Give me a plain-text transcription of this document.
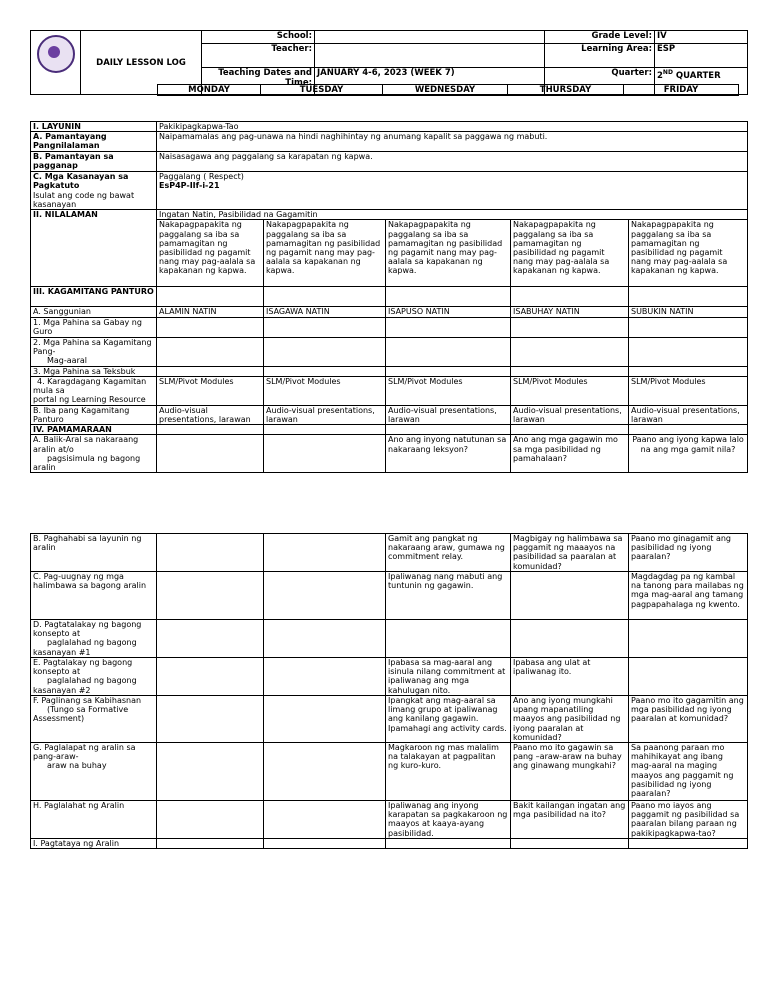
	DAILY LESSON LOG	School:		Grade Level:	IV
		Teacher:		Learning Area:	ESP
		Teaching Dates and Time:	JANUARY 4-6, 2023 (WEEK 7)	Quarter:	2ND QUARTER
MONDAY	TUESDAY	WEDNESDAY	THURSDAY	FRIDAY
I. LAYUNIN	Pakikipagkapwa-Tao				
A. Pamantayang Pangnilalaman	Naipamamalas ang pag-unawa na hindi naghihintay ng anumang kapalit sa paggawa ng mabuti.				
B. Pamantayan sa pagganap	Naisasagawa ang paggalang sa karapatan ng kapwa.				
C. Mga Kasanayan sa Pagkatuto
Isulat ang code ng bawat kasanayan	Paggalang ( Respect)
EsP4P-IIf-i-21				
II. NILALAMAN	Ingatan Natin, Pasibilidad na Gagamitin				
	Nakapagpapakita ng paggalang sa iba sa pamamagitan ng pasibilidad ng pagamit nang may pag-aalala sa kapakanan ng kapwa.	Nakapagpapakita ng paggalang sa iba sa pamamagitan ng pasibilidad ng pagamit nang may pag-aalala sa kapakanan ng kapwa.	Nakapagpapakita ng paggalang sa iba sa pamamagitan ng pasibilidad ng pagamit nang may pag-aalala sa kapakanan ng kapwa.	Nakapagpapakita ng paggalang sa iba sa pamamagitan ng pasibilidad ng pagamit nang may pag-aalala sa kapakanan ng kapwa.	Nakapagpapakita ng paggalang sa iba sa pamamagitan ng pasibilidad ng pagamit nang may pag-aalala sa kapakanan ng kapwa.
III. KAGAMITANG PANTURO					
A. Sanggunian	ALAMIN NATIN	ISAGAWA NATIN	ISAPUSO NATIN	ISABUHAY NATIN	SUBUKIN NATIN
1. Mga Pahina sa Gabay ng Guro					
2. Mga Pahina sa Kagamitang Pang-
Mag-aaral					
3. Mga Pahina sa Teksbuk					
4. Karagdagang Kagamitan mula sa
portal ng Learning Resource	SLM/Pivot Modules	SLM/Pivot Modules	SLM/Pivot Modules	SLM/Pivot Modules	SLM/Pivot Modules
B. Iba pang Kagamitang Panturo	Audio-visual presentations, larawan	Audio-visual presentations, larawan	Audio-visual presentations, larawan	Audio-visual presentations, larawan	Audio-visual presentations, larawan
IV. PAMAMARAAN					
A. Balik-Aral sa nakaraang aralin at/o
pagsisimula ng bagong aralin			Ano ang inyong natutunan sa nakaraang leksyon?	Ano ang mga gagawin mo sa mga pasibilidad ng pamahalaan?	Paano ang iyong kapwa lalo na ang mga gamit nila?
B. Paghahabi sa layunin ng aralin			Gamit ang pangkat ng nakaraang araw, gumawa ng commitment relay.	Magbigay ng halimbawa sa paggamit ng maaayos na pasibilidad sa paaralan at komunidad?	Paano mo ginagamit ang pasibilidad ng iyong paaralan?
C. Pag-uugnay ng mga halimbawa sa bagong aralin			Ipaliwanag nang mabuti ang tuntunin ng gagawin.		Magdagdag pa ng kambal na tanong para mailabas ng mga mag-aaral ang tamang pagpapahalaga ng kwento.
D. Pagtatalakay ng bagong konsepto at
paglalahad ng bagong kasanayan #1					
E. Pagtalakay ng bagong konsepto at
paglalahad ng bagong kasanayan #2			Ipabasa sa mag-aaral ang isinula nilang commitment at ipaliwanag ang mga kahulugan nito.	Ipabasa ang ulat at ipaliwanag ito.	
F. Paglinang sa Kabihasnan
(Tungo sa Formative Assessment)			Ipangkat ang mag-aaral sa limang grupo at ipaliwanag ang kanilang gagawin. Ipamahagi ang activity cards.	Ano ang iyong mungkahi upang mapanatiling maayos ang pasibilidad ng iyong paaralan at komunidad?	Paano mo ito gagamitin ang mga pasibilidad ng iyong paaralan at komunidad?
G. Paglalapat ng aralin sa pang-araw-
araw na buhay			Magkaroon ng mas malalim na talakayan at pagpalitan ng kuro-kuro.	Paano mo ito gagawin sa pang –araw-araw na buhay ang ginawang mungkahi?	Sa paanong paraan mo mahihikayat ang ibang mag-aaral na maging maayos ang paggamit ng pasibilidad ng iyong paaralan?
H. Paglalahat ng Aralin			Ipaliwanag ang inyong karapatan sa pagkakaroon ng maayos at kaaya-ayang pasibilidad.	Bakit kailangan ingatan ang mga pasibilidad na ito?	Paano mo iayos ang paggamit ng pasibilidad sa paaralan bilang paraan ng pakikipagkapwa-tao?
I. Pagtataya ng Aralin					
